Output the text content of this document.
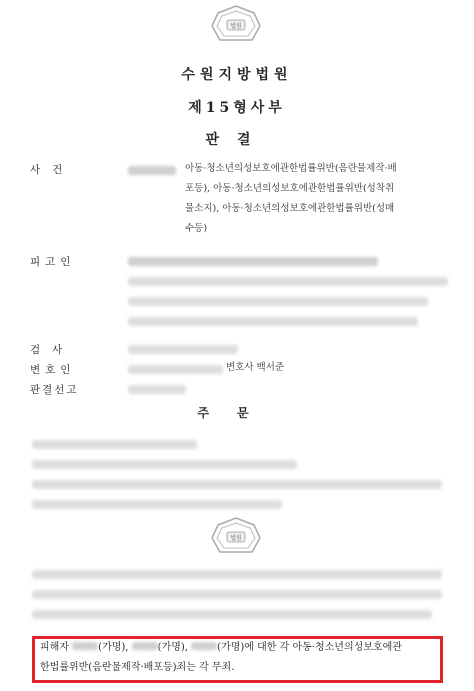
법원
수원지방법원
제15형사부
판결
사건	아동·청소년의성보호에관한법률위반(음란물제작·배
포등), 아동·청소년의성보호에관한법률위반(성착취
물소지), 아동·청소년의성보호에관한법률위반(성매
수등)
피고인
검사
변호인	변호사 백서준
판결선고
주문
법원
피해자	(가명),	(가명),	(가명)에 대한 각 아동·청소년의성보호에관
한법률위반(음란물제작·배포등)죄는 각 무죄.
